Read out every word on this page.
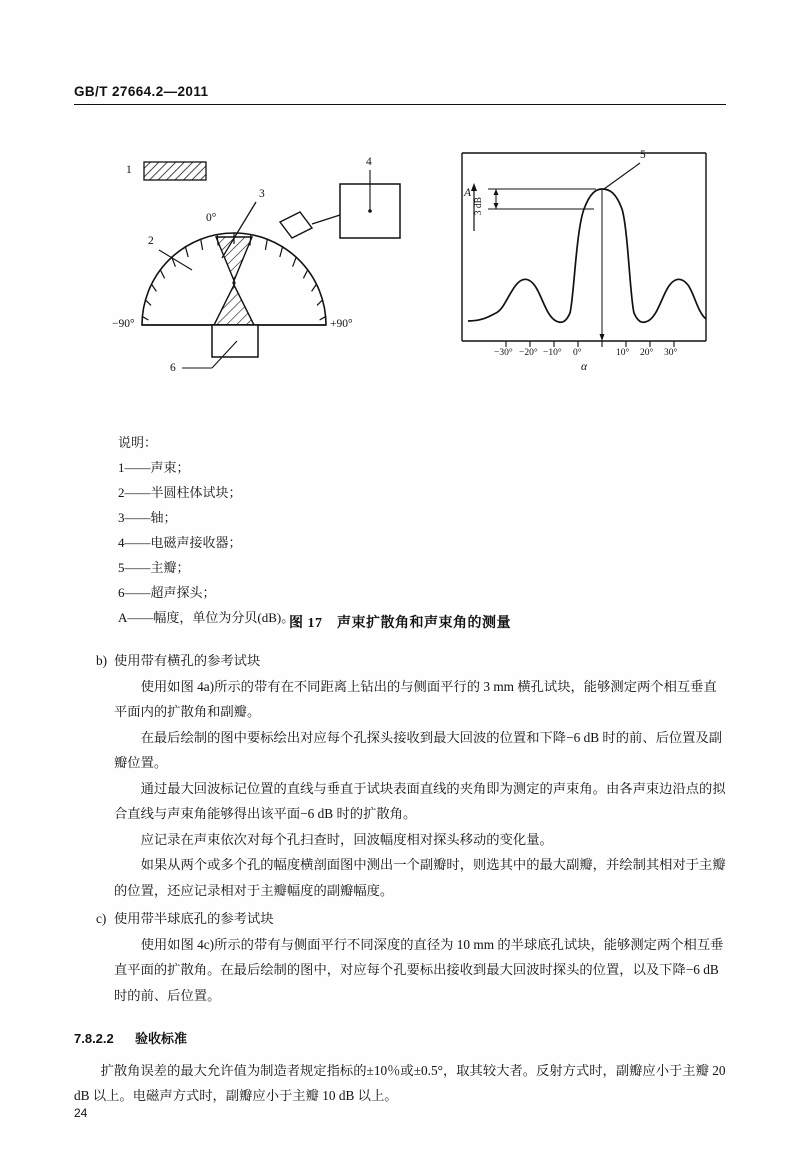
GB/T 27664.2—2011
1
2
3
4
6
0°
−90°	+90°
5
A
3 dB
−30° −20° −10° 0°	10° 20° 30°
α
说明：
1——声束；
2——半圆柱体试块；
3——轴；
4——电磁声接收器；
5——主瓣；
6——超声探头；
A——幅度，单位为分贝(dB)。
图 17　声束扩散角和声束角的测量
b) 使用带有横孔的参考试块
使用如图 4a)所示的带有在不同距离上钻出的与侧面平行的 3 mm 横孔试块，能够测定两个相互垂直平面内的扩散角和副瓣。
在最后绘制的图中要标绘出对应每个孔探头接收到最大回波的位置和下降−6 dB 时的前、后位置及副瓣位置。
通过最大回波标记位置的直线与垂直于试块表面直线的夹角即为测定的声束角。由各声束边沿点的拟合直线与声束角能够得出该平面−6 dB 时的扩散角。
应记录在声束依次对每个孔扫查时，回波幅度相对探头移动的变化量。
如果从两个或多个孔的幅度横剖面图中测出一个副瓣时，则选其中的最大副瓣，并绘制其相对于主瓣的位置，还应记录相对于主瓣幅度的副瓣幅度。
c) 使用带半球底孔的参考试块
使用如图 4c)所示的带有与侧面平行不同深度的直径为 10 mm 的半球底孔试块，能够测定两个相互垂直平面的扩散角。在最后绘制的图中，对应每个孔要标出接收到最大回波时探头的位置，以及下降−6 dB 时的前、后位置。
7.8.2.2 验收标准
扩散角误差的最大允许值为制造者规定指标的±10％或±0.5°，取其较大者。反射方式时，副瓣应小于主瓣 20 dB 以上。电磁声方式时，副瓣应小于主瓣 10 dB 以上。
24
